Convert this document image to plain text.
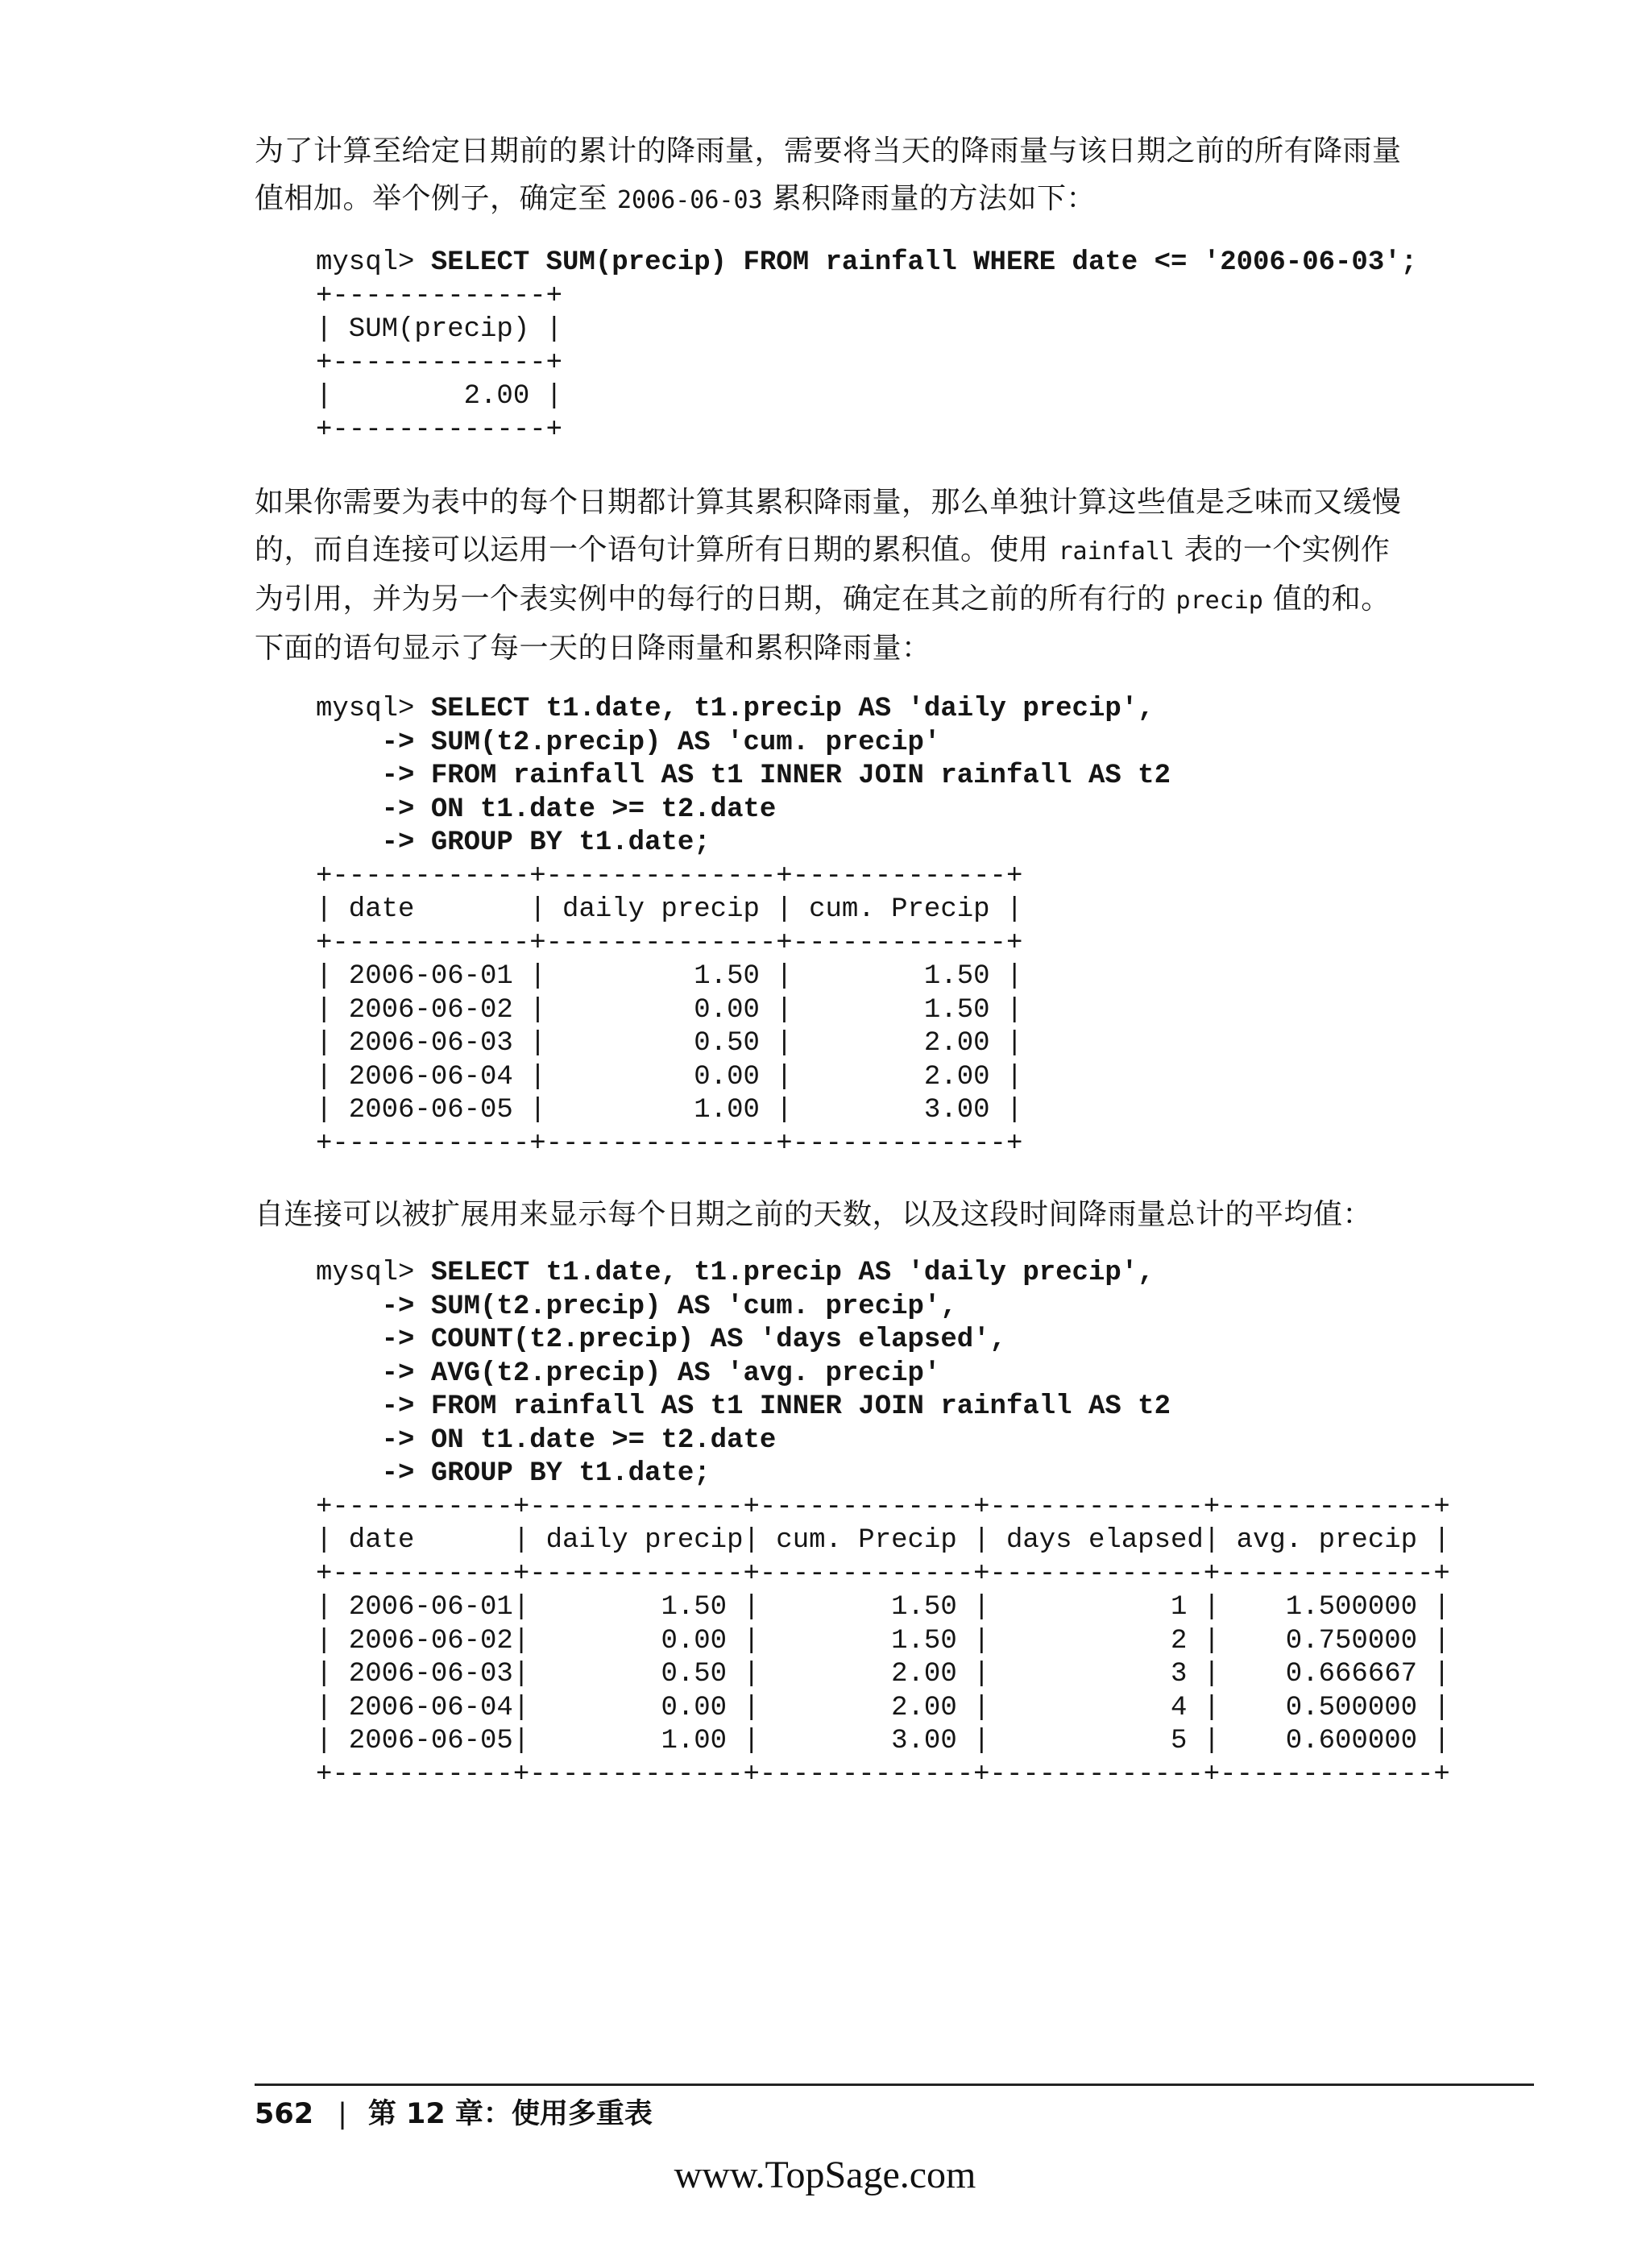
为了计算至给定日期前的累计的降雨量，需要将当天的降雨量与该日期之前的所有降雨量
值相加。举个例子，确定至 2006-06-03 累积降雨量的方法如下：
mysql> SELECT SUM(precip) FROM rainfall WHERE date <= '2006-06-03';
+-------------+
| SUM(precip) |
+-------------+
|        2.00 |
+-------------+
如果你需要为表中的每个日期都计算其累积降雨量，那么单独计算这些值是乏味而又缓慢
的，而自连接可以运用一个语句计算所有日期的累积值。使用 rainfall 表的一个实例作
为引用，并为另一个表实例中的每行的日期，确定在其之前的所有行的 precip 值的和。
下面的语句显示了每一天的日降雨量和累积降雨量：
mysql> SELECT t1.date, t1.precip AS 'daily precip',
-> SUM(t2.precip) AS 'cum. precip'
-> FROM rainfall AS t1 INNER JOIN rainfall AS t2
-> ON t1.date >= t2.date
-> GROUP BY t1.date;
+------------+--------------+-------------+
| date       | daily precip | cum. Precip |
+------------+--------------+-------------+
| 2006-06-01 |         1.50 |        1.50 |
| 2006-06-02 |         0.00 |        1.50 |
| 2006-06-03 |         0.50 |        2.00 |
| 2006-06-04 |         0.00 |        2.00 |
| 2006-06-05 |         1.00 |        3.00 |
+------------+--------------+-------------+
自连接可以被扩展用来显示每个日期之前的天数，以及这段时间降雨量总计的平均值：
mysql> SELECT t1.date, t1.precip AS 'daily precip',
-> SUM(t2.precip) AS 'cum. precip',
-> COUNT(t2.precip) AS 'days elapsed',
-> AVG(t2.precip) AS 'avg. precip'
-> FROM rainfall AS t1 INNER JOIN rainfall AS t2
-> ON t1.date >= t2.date
-> GROUP BY t1.date;
+-----------+-------------+-------------+-------------+-------------+
| date      | daily precip| cum. Precip | days elapsed| avg. precip |
+-----------+-------------+-------------+-------------+-------------+
| 2006-06-01|        1.50 |        1.50 |           1 |    1.500000 |
| 2006-06-02|        0.00 |        1.50 |           2 |    0.750000 |
| 2006-06-03|        0.50 |        2.00 |           3 |    0.666667 |
| 2006-06-04|        0.00 |        2.00 |           4 |    0.500000 |
| 2006-06-05|        1.00 |        3.00 |           5 |    0.600000 |
+-----------+-------------+-------------+-------------+-------------+
562 | 第 12 章：使用多重表
www.TopSage.com
